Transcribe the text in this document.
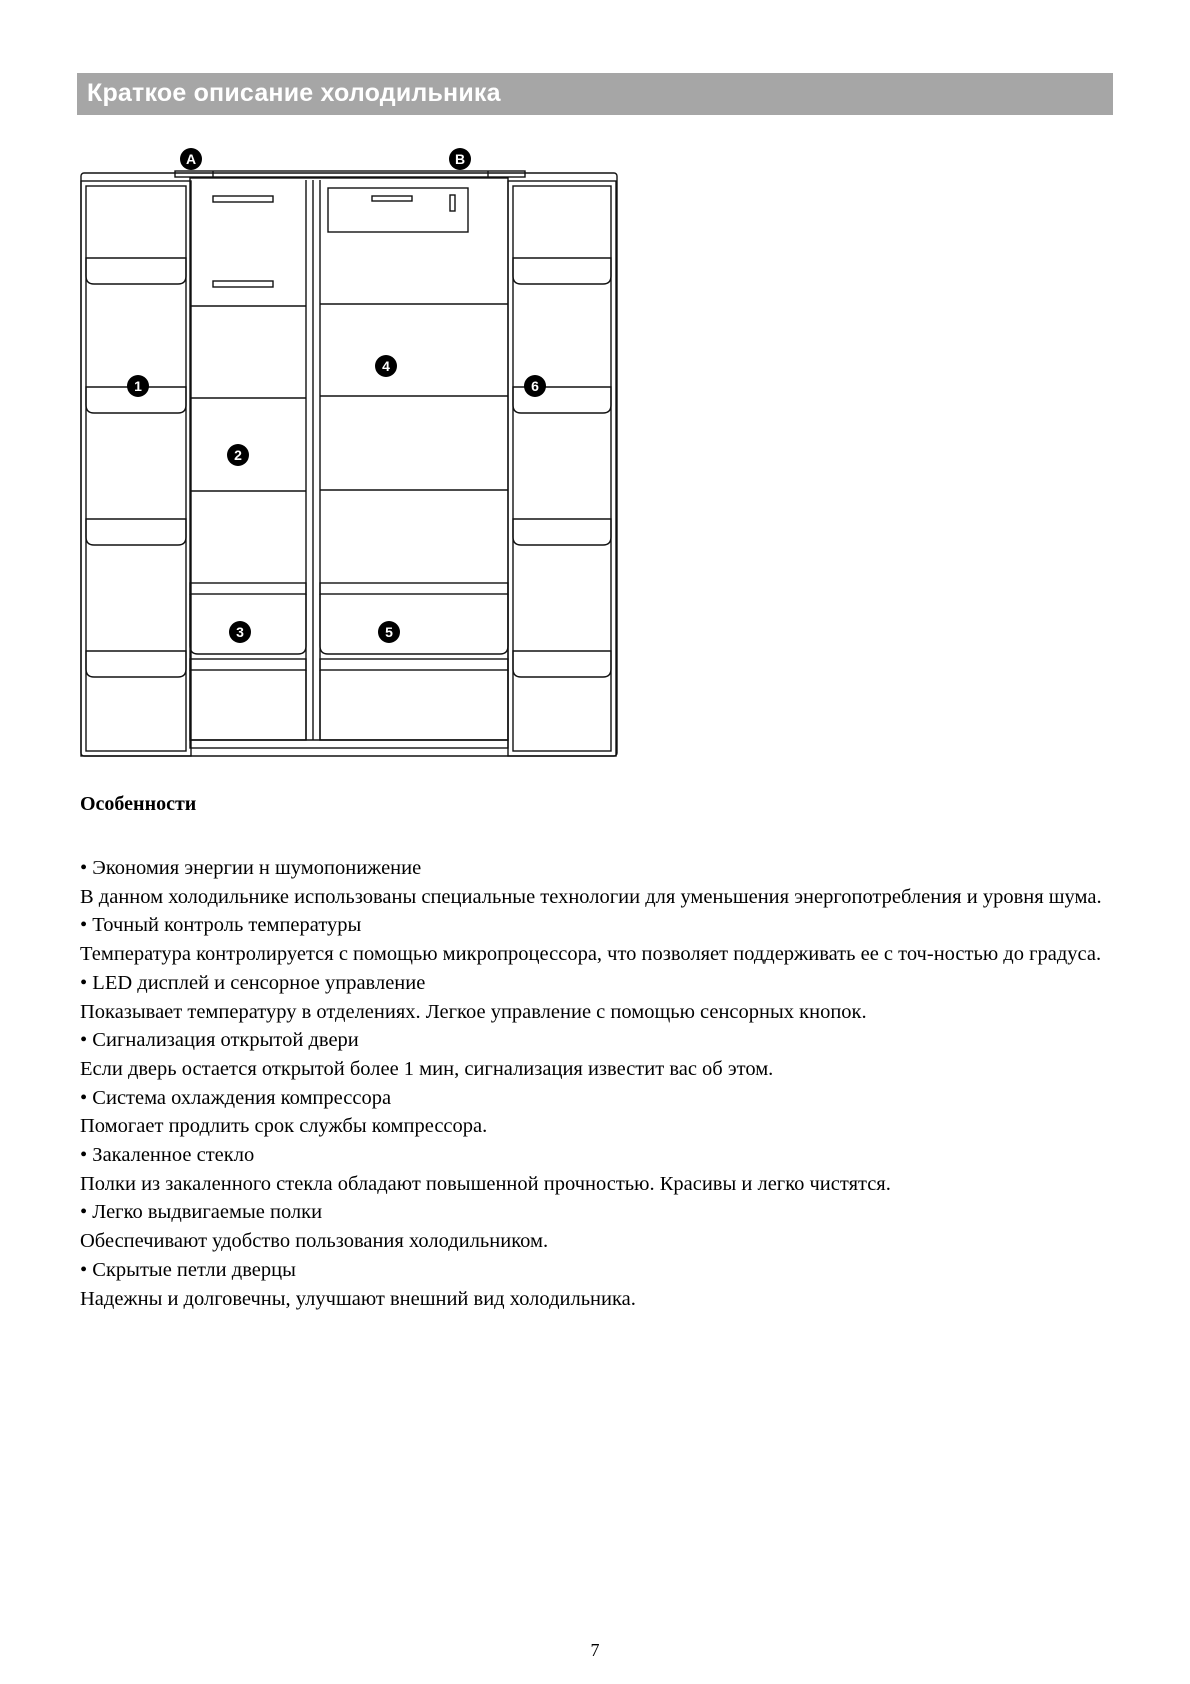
Краткое описание холодильника
A	B
1
2
3
4
5
6
Особенности

• Экономия энергии н шумопонижение

В данном холодильнике использованы специальные технологии для уменьшения энергопотребления и уровня шума.

• Точный контроль температуры

Температура контролируется с помощью микропроцессора, что позволяет поддерживать ее с точ-ностью до градуса.

• LED дисплей и сенсорное управление

Показывает температуру в отделениях. Легкое управление с помощью сенсорных кнопок.

• Сигнализация открытой двери

Если дверь остается открытой более 1 мин, сигнализация известит вас об этом.

• Система охлаждения компрессора

Помогает продлить срок службы компрессора.

• Закаленное стекло

Полки из закаленного стекла обладают повышенной прочностью. Красивы и легко чистятся.

• Легко выдвигаемые полки

Обеспечивают удобство пользования холодильником.

• Скрытые петли дверцы

Надежны и долговечны, улучшают внешний вид холодильника.

7
